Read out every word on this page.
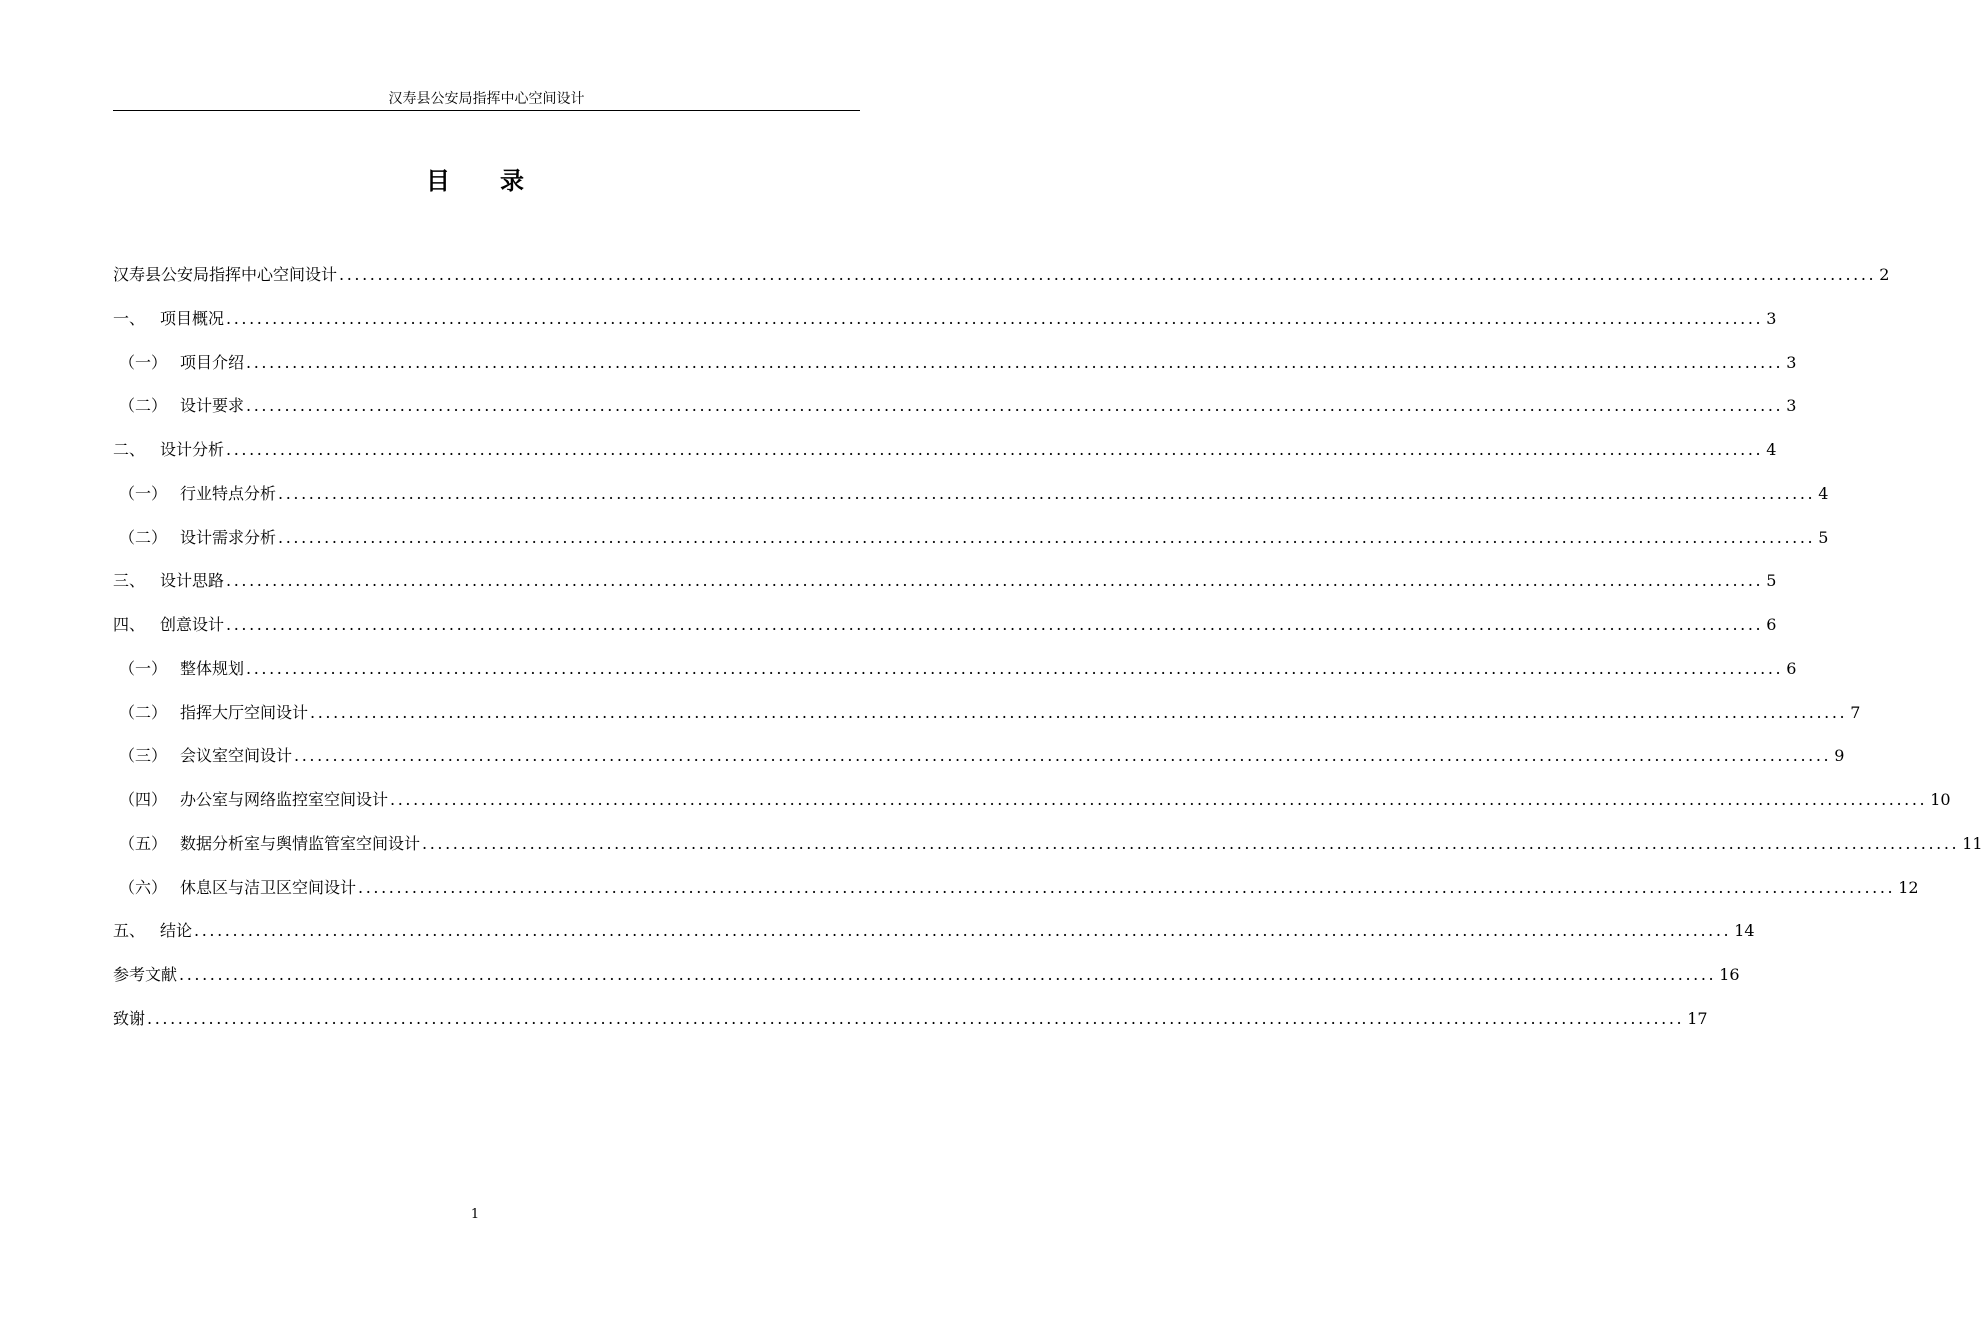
汉寿县公安局指挥中心空间设计
目 录
汉寿县公安局指挥中心空间设计 ........................................................................................................................................................................................................ 2
一、 项目概况 ........................................................................................................................................................................................................ 3
（一） 项目介绍 ........................................................................................................................................................................................................ 3
（二） 设计要求 ........................................................................................................................................................................................................ 3
二、 设计分析 ........................................................................................................................................................................................................ 4
（一） 行业特点分析 ........................................................................................................................................................................................................ 4
（二） 设计需求分析 ........................................................................................................................................................................................................ 5
三、 设计思路 ........................................................................................................................................................................................................ 5
四、 创意设计 ........................................................................................................................................................................................................ 6
（一） 整体规划 ........................................................................................................................................................................................................ 6
（二） 指挥大厅空间设计 ........................................................................................................................................................................................................ 7
（三） 会议室空间设计 ........................................................................................................................................................................................................ 9
（四） 办公室与网络监控室空间设计 ........................................................................................................................................................................................................ 10
（五） 数据分析室与舆情监管室空间设计 ........................................................................................................................................................................................................ 11
（六） 休息区与洁卫区空间设计 ........................................................................................................................................................................................................ 12
五、 结论 ........................................................................................................................................................................................................ 14
参考文献 ........................................................................................................................................................................................................ 16
致谢 ........................................................................................................................................................................................................ 17
1
